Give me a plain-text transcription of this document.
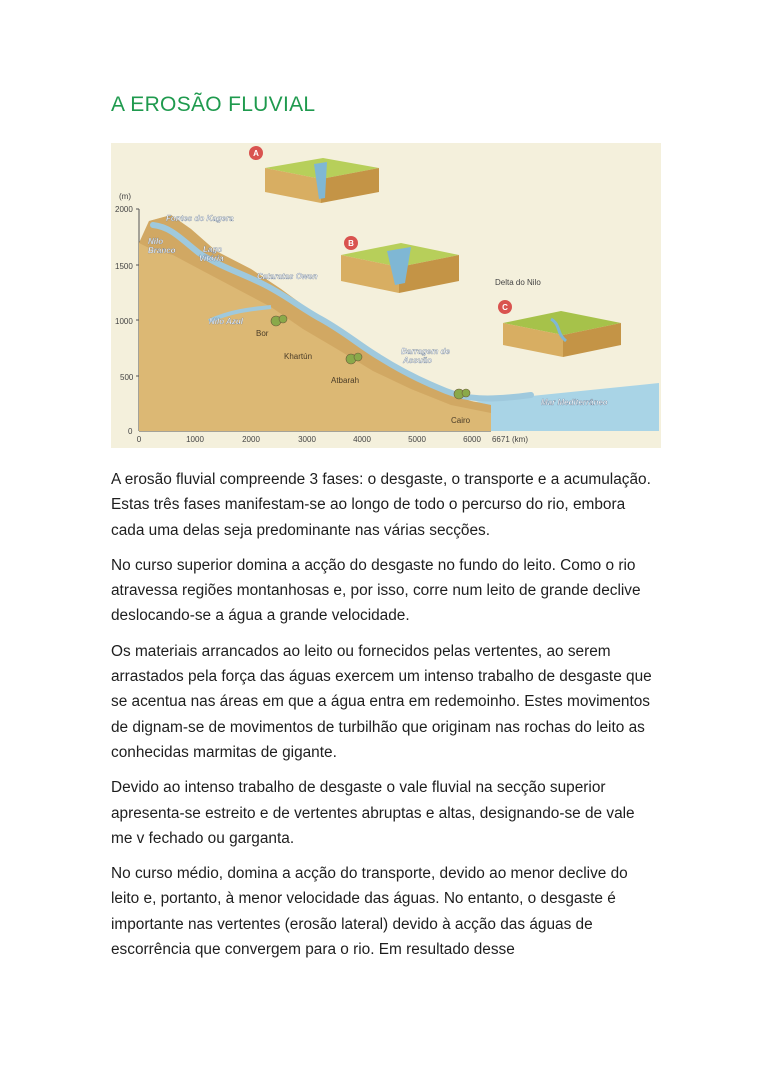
A EROSÃO FLUVIAL
(m)
2000
1500
1000
500
0
0	1000	2000	3000	4000	5000	6000 6671 (km)
A
B
C
Fontes do Kagera
Nilo
Branco	Lago
Vitória
Cataratas Owen
Nilo Azul
Barragem de
Assuão
Mar Mediterrâneo
Bor
Khartún
Atbarah
Cairo
Delta do Nilo

A erosão fluvial compreende 3 fases: o desgaste, o transporte e a acumulação. Estas três fases manifestam-se ao longo de todo o percurso do rio, embora cada uma delas seja predominante nas várias secções.

No curso superior domina a acção do desgaste no fundo do leito. Como o rio atravessa regiões montanhosas e, por isso, corre num leito de grande declive deslocando-se a água a grande velocidade.

Os materiais arrancados ao leito ou fornecidos pelas vertentes, ao serem arrastados pela força das águas exercem um intenso trabalho de desgaste que se acentua nas áreas em que a água entra em redemoinho. Estes movimentos de dignam-se de movimentos de turbilhão que originam nas rochas do leito as conhecidas marmitas de gigante.

Devido ao intenso trabalho de desgaste o vale fluvial na secção superior apresenta-se estreito e de vertentes abruptas e altas, designando-se de vale me v fechado ou garganta.

No curso médio, domina a acção do transporte, devido ao menor declive do leito e, portanto, à menor velocidade das águas. No entanto, o desgaste é importante nas vertentes (erosão lateral) devido à acção das águas de escorrência que convergem para o rio. Em resultado desse
